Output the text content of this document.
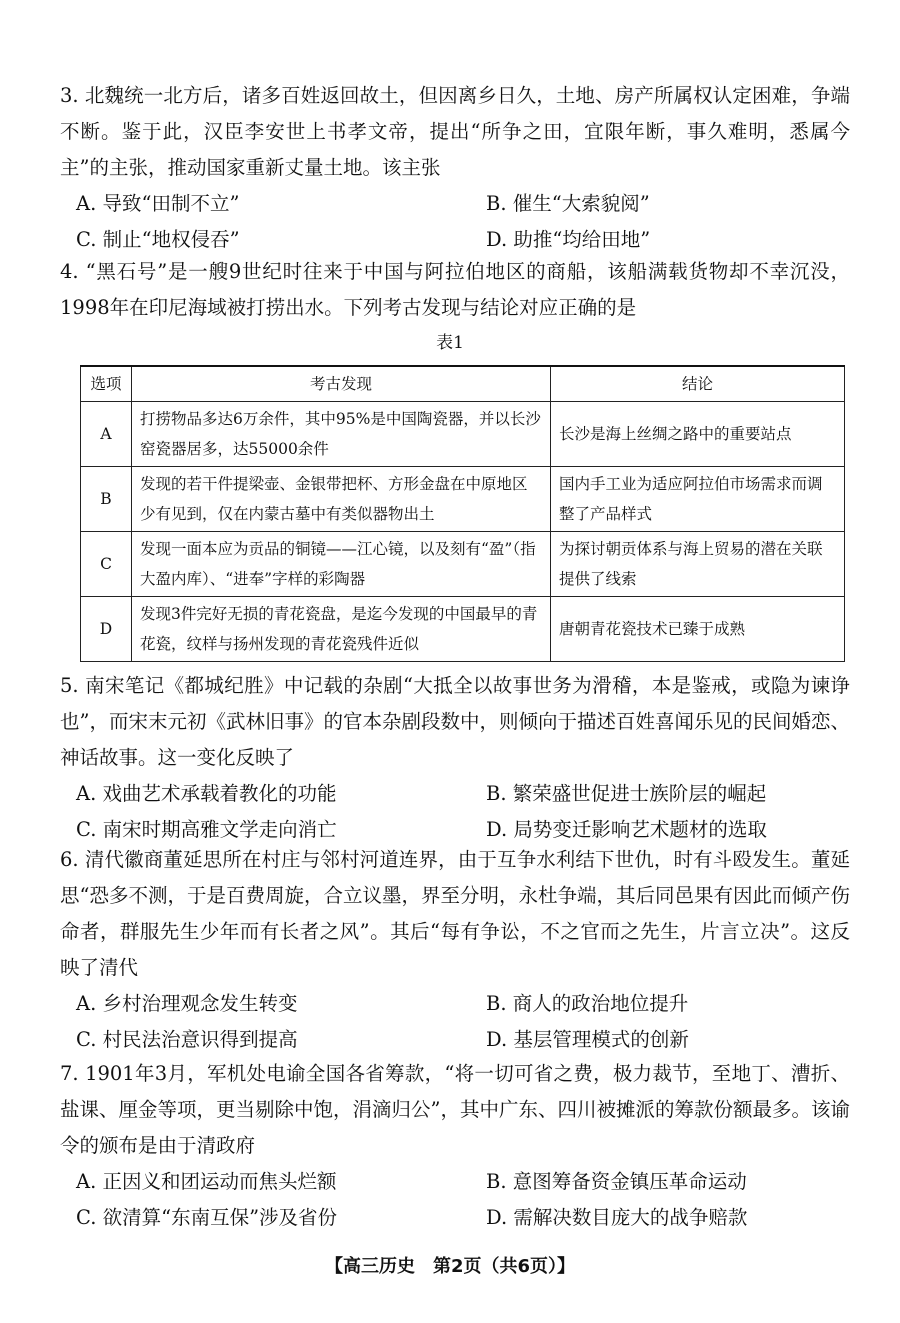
3. 北魏统一北方后，诸多百姓返回故土，但因离乡日久，土地、房产所属权认定困难，争端不断。鉴于此，汉臣李安世上书孝文帝，提出“所争之田，宜限年断，事久难明，悉属今主”的主张，推动国家重新丈量土地。该主张

A. 导致“田制不立”	B. 催生“大索貌阅”
C. 制止“地权侵吞”	D. 助推“均给田地”

4. “黑石号”是一艘9世纪时往来于中国与阿拉伯地区的商船，该船满载货物却不幸沉没，1998年在印尼海域被打捞出水。下列考古发现与结论对应正确的是

表1
选项	考古发现	结论
A	打捞物品多达6万余件，其中95%是中国陶瓷器，并以长沙窑瓷器居多，达55000余件	长沙是海上丝绸之路中的重要站点
B	发现的若干件提梁壶、金银带把杯、方形金盘在中原地区少有见到，仅在内蒙古墓中有类似器物出土	国内手工业为适应阿拉伯市场需求而调整了产品样式
C	发现一面本应为贡品的铜镜——江心镜，以及刻有“盈”（指大盈内库）、“进奉”字样的彩陶器	为探讨朝贡体系与海上贸易的潜在关联提供了线索
D	发现3件完好无损的青花瓷盘，是迄今发现的中国最早的青花瓷，纹样与扬州发现的青花瓷残件近似	唐朝青花瓷技术已臻于成熟

5. 南宋笔记《都城纪胜》中记载的杂剧“大抵全以故事世务为滑稽，本是鉴戒，或隐为谏诤也”，而宋末元初《武林旧事》的官本杂剧段数中，则倾向于描述百姓喜闻乐见的民间婚恋、神话故事。这一变化反映了

A. 戏曲艺术承载着教化的功能	B. 繁荣盛世促进士族阶层的崛起
C. 南宋时期高雅文学走向消亡	D. 局势变迁影响艺术题材的选取

6. 清代徽商董延思所在村庄与邻村河道连界，由于互争水利结下世仇，时有斗殴发生。董延思“恐多不测，于是百费周旋，合立议墨，界至分明，永杜争端，其后同邑果有因此而倾产伤命者，群服先生少年而有长者之风”。其后“每有争讼，不之官而之先生，片言立决”。这反映了清代

A. 乡村治理观念发生转变	B. 商人的政治地位提升
C. 村民法治意识得到提高	D. 基层管理模式的创新

7. 1901年3月，军机处电谕全国各省筹款，“将一切可省之费，极力裁节，至地丁、漕折、盐课、厘金等项，更当剔除中饱，涓滴归公”，其中广东、四川被摊派的筹款份额最多。该谕令的颁布是由于清政府

A. 正因义和团运动而焦头烂额	B. 意图筹备资金镇压革命运动
C. 欲清算“东南互保”涉及省份	D. 需解决数目庞大的战争赔款
【高三历史　第2页（共6页）】
